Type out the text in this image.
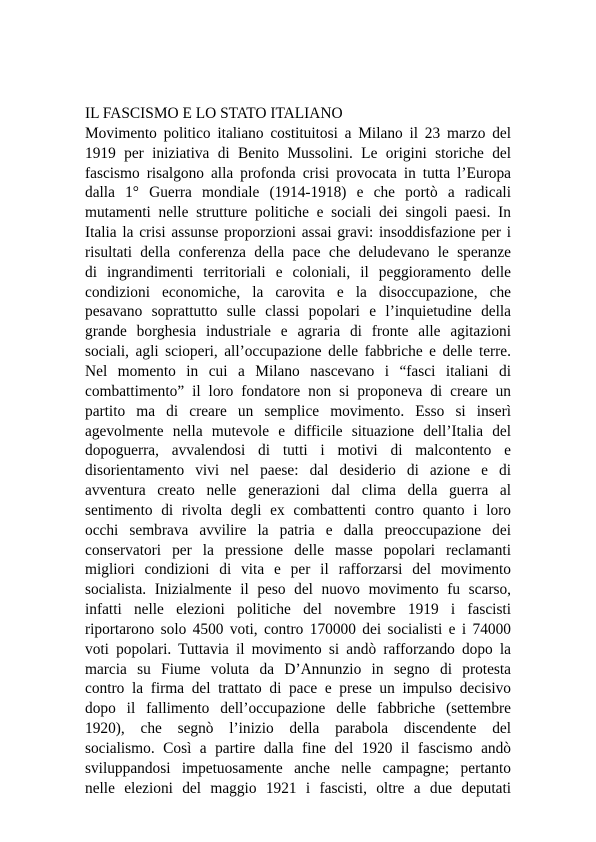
IL FASCISMO E LO STATO ITALIANO
Movimento politico italiano costituitosi a Milano il 23 marzo del
1919 per iniziativa di Benito Mussolini. Le origini storiche del
fascismo risalgono alla profonda crisi provocata in tutta l’Europa
dalla 1° Guerra mondiale (1914-1918) e che portò a radicali
mutamenti nelle strutture politiche e sociali dei singoli paesi. In
Italia la crisi assunse proporzioni assai gravi: insoddisfazione per i
risultati della conferenza della pace che deludevano le speranze
di ingrandimenti territoriali e coloniali, il peggioramento delle
condizioni economiche, la carovita e la disoccupazione, che
pesavano soprattutto sulle classi popolari e l’inquietudine della
grande borghesia industriale e agraria di fronte alle agitazioni
sociali, agli scioperi, all’occupazione delle fabbriche e delle terre.
Nel momento in cui a Milano nascevano i “fasci italiani di
combattimento” il loro fondatore non si proponeva di creare un
partito ma di creare un semplice movimento. Esso si inserì
agevolmente nella mutevole e difficile situazione dell’Italia del
dopoguerra, avvalendosi di tutti i motivi di malcontento e
disorientamento vivi nel paese: dal desiderio di azione e di
avventura creato nelle generazioni dal clima della guerra al
sentimento di rivolta degli ex combattenti contro quanto i loro
occhi sembrava avvilire la patria e dalla preoccupazione dei
conservatori per la pressione delle masse popolari reclamanti
migliori condizioni di vita e per il rafforzarsi del movimento
socialista. Inizialmente il peso del nuovo movimento fu scarso,
infatti nelle elezioni politiche del novembre 1919 i fascisti
riportarono solo 4500 voti, contro 170000 dei socialisti e i 74000
voti popolari. Tuttavia il movimento si andò rafforzando dopo la
marcia su Fiume voluta da D’Annunzio in segno di protesta
contro la firma del trattato di pace e prese un impulso decisivo
dopo il fallimento dell’occupazione delle fabbriche (settembre
1920), che segnò l’inizio della parabola discendente del
socialismo. Così a partire dalla fine del 1920 il fascismo andò
sviluppandosi impetuosamente anche nelle campagne; pertanto
nelle elezioni del maggio 1921 i fascisti, oltre a due deputati
